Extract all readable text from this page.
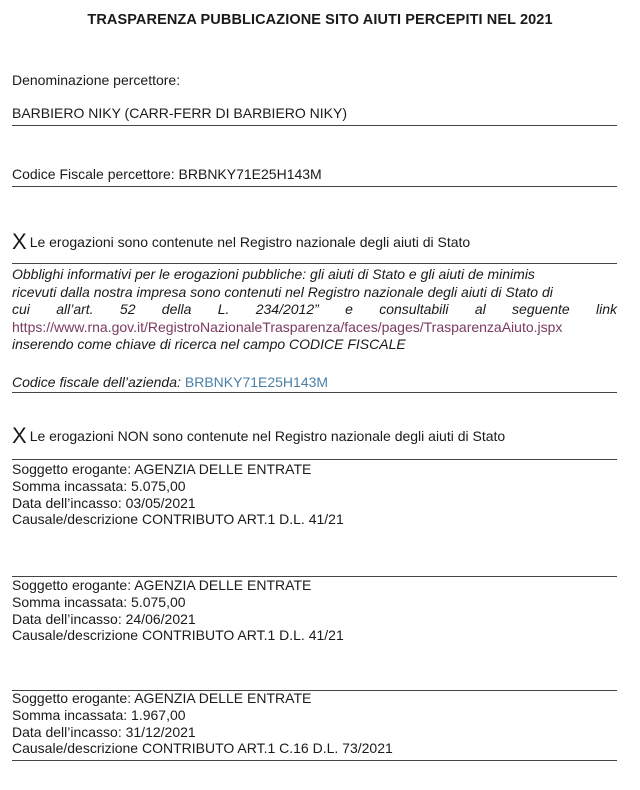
TRASPARENZA PUBBLICAZIONE SITO AIUTI PERCEPITI NEL 2021
Denominazione percettore:
BARBIERO NIKY (CARR-FERR DI BARBIERO NIKY)
Codice Fiscale percettore: BRBNKY71E25H143M
X Le erogazioni sono contenute nel Registro nazionale degli aiuti di Stato
Obblighi informativi per le erogazioni pubbliche: gli aiuti di Stato e gli aiuti de minimis
ricevuti dalla nostra impresa sono contenuti nel Registro nazionale degli aiuti di Stato di
cui all’art. 52 della L. 234/2012” e consultabili al seguente link
https://www.rna.gov.it/RegistroNazionaleTrasparenza/faces/pages/TrasparenzaAiuto.jspx
inserendo come chiave di ricerca nel campo CODICE FISCALE
Codice fiscale dell’azienda: BRBNKY71E25H143M
X Le erogazioni NON sono contenute nel Registro nazionale degli aiuti di Stato
Soggetto erogante: AGENZIA DELLE ENTRATE
Somma incassata: 5.075,00
Data dell’incasso: 03/05/2021
Causale/descrizione CONTRIBUTO ART.1 D.L. 41/21
Soggetto erogante: AGENZIA DELLE ENTRATE
Somma incassata: 5.075,00
Data dell’incasso: 24/06/2021
Causale/descrizione CONTRIBUTO ART.1 D.L. 41/21
Soggetto erogante: AGENZIA DELLE ENTRATE
Somma incassata: 1.967,00
Data dell’incasso: 31/12/2021
Causale/descrizione CONTRIBUTO ART.1 C.16 D.L. 73/2021
